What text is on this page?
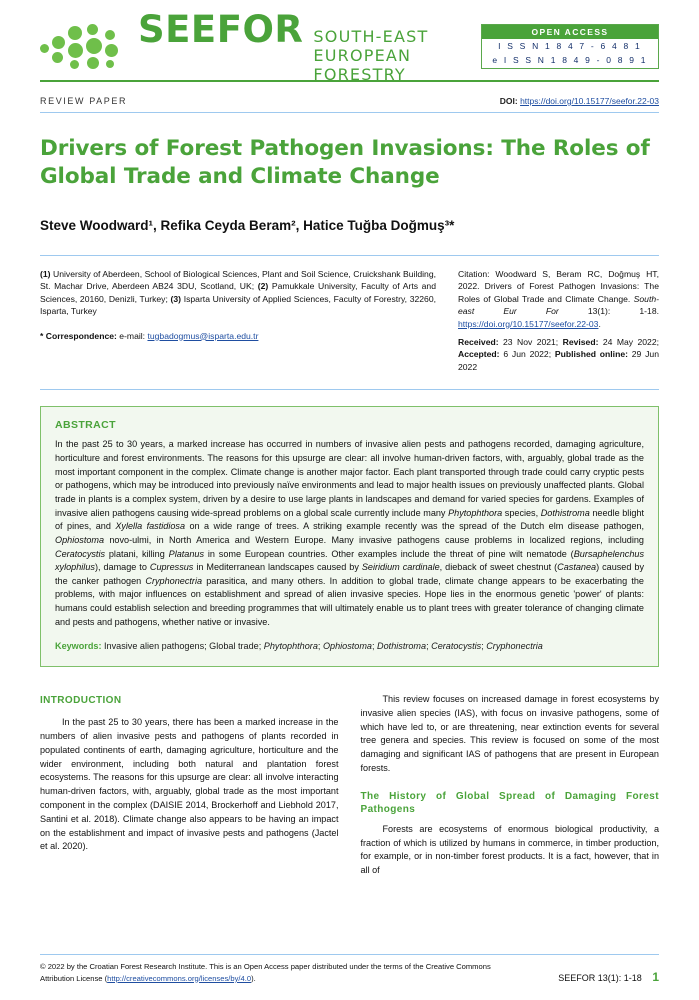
SEEFOR SOUTH-EAST EUROPEAN FORESTRY
OPEN ACCESS
I S S N 1 8 4 7 - 6 4 8 1
e I S S N 1 8 4 9 - 0 8 9 1
REVIEW PAPER	DOI: https://doi.org/10.15177/seefor.22-03
Drivers of Forest Pathogen Invasions: The Roles of Global Trade and Climate Change
Steve Woodward¹, Refika Ceyda Beram², Hatice Tuğba Doğmuş³*
(1) University of Aberdeen, School of Biological Sciences, Plant and Soil Science, Cruickshank Building, St. Machar Drive, Aberdeen AB24 3DU, Scotland, UK; (2) Pamukkale University, Faculty of Arts and Sciences, 20160, Denizli, Turkey; (3) Isparta University of Applied Sciences, Faculty of Forestry, 32260, Isparta, Turkey
* Correspondence: e-mail: tugbadogmus@isparta.edu.tr
Citation: Woodward S, Beram RC, Doğmuş HT, 2022. Drivers of Forest Pathogen Invasions: The Roles of Global Trade and Climate Change. South-east Eur For 13(1): 1-18. https://doi.org/10.15177/seefor.22-03.
Received: 23 Nov 2021; Revised: 24 May 2022; Accepted: 6 Jun 2022; Published online: 29 Jun 2022
ABSTRACT
In the past 25 to 30 years, a marked increase has occurred in numbers of invasive alien pests and pathogens recorded, damaging agriculture, horticulture and forest environments. The reasons for this upsurge are clear: all involve human-driven factors, with, arguably, global trade as the most important component in the complex. Climate change is another major factor. Each plant transported through trade could carry cryptic pests or pathogens, which may be introduced into previously naïve environments and lead to major health issues on previously unaffected plants. Global trade in plants is a complex system, driven by a desire to use large plants in landscapes and demand for varied species for gardens. Examples of invasive alien pathogens causing wide-spread problems on a global scale currently include many Phytophthora species, Dothistroma needle blight of pines, and Xylella fastidiosa on a wide range of trees. A striking example recently was the spread of the Dutch elm disease pathogen, Ophiostoma novo-ulmi, in North America and Western Europe. Many invasive pathogens cause problems in localized regions, including Ceratocystis platani, killing Platanus in some European countries. Other examples include the threat of pine wilt nematode (Bursaphelenchus xylophilus), damage to Cupressus in Mediterranean landscapes caused by Seiridium cardinale, dieback of sweet chestnut (Castanea) caused by the canker pathogen Cryphonectria parasitica, and many others. In addition to global trade, climate change appears to be exacerbating the problems, with major influences on establishment and spread of alien invasive species. Hope lies in the enormous genetic 'power' of plants: humans could establish selection and breeding programmes that will ultimately enable us to plant trees with greater tolerance of changing climate and pests and pathogens, whether native or invasive.
Keywords: Invasive alien pathogens; Global trade; Phytophthora; Ophiostoma; Dothistroma; Ceratocystis; Cryphonectria
INTRODUCTION

In the past 25 to 30 years, there has been a marked increase in the numbers of alien invasive pests and pathogens of plants recorded in populated continents of earth, damaging agriculture, horticulture and the wider environment, including both natural and plantation forest ecosystems. The reasons for this upsurge are clear: all involve interacting human-driven factors, with, arguably, global trade as the most important component in the complex (DAISIE 2014, Brockerhoff and Liebhold 2017, Santini et al. 2018). Climate change also appears to be having an impact on the establishment and impact of invasive pests and pathogens (Jactel et al. 2020).

This review focuses on increased damage in forest ecosystems by invasive alien species (IAS), with focus on invasive pathogens, some of which have led to, or are threatening, near extinction events for several tree genera and species. This review is focused on some of the most damaging and significant IAS of pathogens that are present in European forests.

The History of Global Spread of Damaging Forest Pathogens

Forests are ecosystems of enormous biological productivity, a fraction of which is utilized by humans in commerce, in timber production, for example, or in non-timber forest products. It is a fact, however, that in all of

© 2022 by the Croatian Forest Research Institute. This is an Open Access paper distributed under the terms of the Creative Commons Attribution License (http://creativecommons.org/licenses/by/4.0).	SEEFOR 13(1): 1-18 1
